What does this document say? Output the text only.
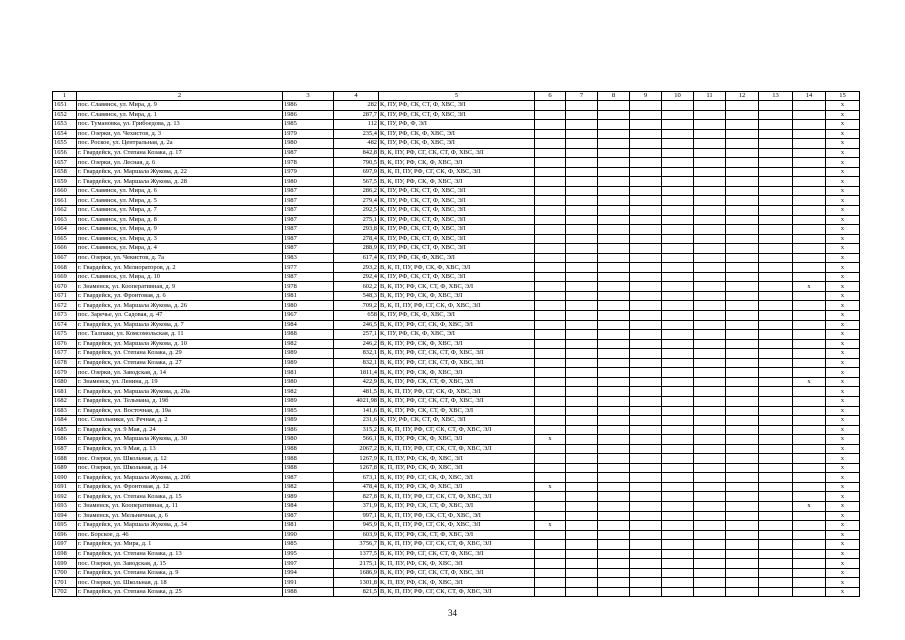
1	2	3	4	5	6	7	8	9	10	11	12	13	14	15
1651	пос. Славянск, ул. Мира, д. 9	1986	282	К, ПУ, РФ, СК, СТ, Ф, ХВС, ЭЛ										х
1652	пос. Славянск, ул. Мира, д. 1	1986	287,7	К, ПУ, РФ, СК, СТ, Ф, ХВС, ЭЛ										х
1653	пос. Тумановка, ул. Грибоедова, д. 13	1985	112	К, ПУ, РФ, Ф, ЭЛ										х
1654	пос. Озерки, ул. Чехистов, д. 3	1979	235,4	К, ПУ, РФ, СК, Ф, ХВС, ЭЛ										х
1655	пос. Роское, ул. Центральная, д. 2а	1980	482	К, ПУ, РФ, СК, Ф, ХВС, ЭЛ										х
1656	г. Гвардейск, ул. Степана Козака, д. 17	1987	842,8	В, К, ПУ, РФ, СГ, СК, СТ, Ф, ХВС, ЭЛ										х
1657	пос. Озерки, ул. Лесная, д. 6	1978	790,5	В, К, ПУ, РФ, СК, Ф, ХВС, ЭЛ										х
1658	г. Гвардейск, ул. Маршала Жукова, д. 22	1979	697,9	В, К, П, ПУ, РФ, СГ, СК, Ф, ХВС, ЭЛ										х
1659	г. Гвардейск, ул. Маршала Жукова, д. 28	1980	567,5	В, К, ПУ, РФ, СК, Ф, ХВС, ЭЛ										х
1660	пос. Славянск, ул. Мира, д. 6	1987	286,2	К, ПУ, РФ, СК, СТ, Ф, ХВС, ЭЛ										х
1661	пос. Славянск, ул. Мира, д. 5	1987	279,4	К, ПУ, РФ, СК, СТ, Ф, ХВС, ЭЛ										х
1662	пос. Славянск, ул. Мира, д. 7	1987	292,5	К, ПУ, РФ, СК, СТ, Ф, ХВС, ЭЛ										х
1663	пос. Славянск, ул. Мира, д. 8	1987	275,1	К, ПУ, РФ, СК, СТ, Ф, ХВС, ЭЛ										х
1664	пос. Славянск, ул. Мира, д. 9	1987	293,8	К, ПУ, РФ, СК, СТ, Ф, ХВС, ЭЛ										х
1665	пос. Славянск, ул. Мира, д. 3	1987	278,4	К, ПУ, РФ, СК, СТ, Ф, ХВС, ЭЛ										х
1666	пос. Славянск, ул. Мира, д. 4	1987	288,9	К, ПУ, РФ, СК, СТ, Ф, ХВС, ЭЛ										х
1667	пос. Озерки, ул. Чекистов, д. 7а	1983	617,4	К, ПУ, РФ, СК, Ф, ХВС, ЭЛ										х
1668	г. Гвардейск, ул. Мелиораторов, д. 2	1977	293,2	В, К, П, ПУ, РФ, СК, Ф, ХВС, ЭЛ										х
1669	пос. Славянск, ул. Мира, д. 10	1987	292,4	К, ПУ, РФ, СК, СТ, Ф, ХВС, ЭЛ										х
1670	г. Знаменск, ул. Кооперативная, д. 9	1978	602,2	В, К, ПУ, РФ, СК, СТ, Ф, ХВС, ЭЛ									х	х
1671	г. Гвардейск, ул. Фронтовая, д. 6	1981	548,3	В, К, ПУ, РФ, СК, Ф, ХВС, ЭЛ										х
1672	г. Гвардейск, ул. Маршала Жукова, д. 26	1980	709,2	В, К, П, ПУ, РФ, СГ, СК, Ф, ХВС, ЭЛ										х
1673	пос. Заречье, ул. Садовая, д. 47	1967	658	К, ПУ, РФ, СК, Ф, ХВС, ЭЛ										х
1674	г. Гвардейск, ул. Маршала Жукова, д. 7	1984	246,5	В, К, ПУ, РФ, СГ, СК, Ф, ХВС, ЭЛ										х
1675	пос. Талпаки, ул. Комсомольская, д. 11	1988	257,1	К, ПУ, РФ, СК, Ф, ХВС, ЭЛ										х
1676	г. Гвардейск, ул. Маршала Жукова, д. 10	1982	246,2	В, К, ПУ, РФ, СК, Ф, ХВС, ЭЛ										х
1677	г. Гвардейск, ул. Степана Козака, д. 29	1989	832,1	В, К, ПУ, РФ, СГ, СК, СТ, Ф, ХВС, ЭЛ										х
1678	г. Гвардейск, ул. Степана Козака, д. 27	1989	832,1	В, К, ПУ, РФ, СГ, СК, СТ, Ф, ХВС, ЭЛ										х
1679	пос. Озерки, ул. Заводская, д. 14	1981	1811,4	В, К, ПУ, РФ, СК, Ф, ХВС, ЭЛ										х
1680	г. Знаменск, ул. Ленина, д. 19	1980	422,9	В, К, ПУ, РФ, СК, СТ, Ф, ХВС, ЭЛ									х	х
1681	г. Гвардейск, ул. Маршала Жукова, д. 20а	1982	481,5	В, К, П, ПУ, РФ, СГ, СК, Ф, ХВС, ЭЛ										х
1682	г. Гвардейск, ул. Тельмана, д. 19б	1989	4021,98	В, К, ПУ, РФ, СГ, СК, СТ, Ф, ХВС, ЭЛ										х
1683	г. Гвардейск, ул. Восточная, д. 19а	1985	141,6	В, К, ПУ, РФ, СК, СТ, Ф, ХВС, ЭЛ										х
1684	пос. Сокольники, ул. Речная, д. 2	1989	231,6	К, ПУ, РФ, СК, СТ, Ф, ХВС, ЭЛ										х
1685	г. Гвардейск, ул. 9 Мая, д. 24	1986	315,2	В, К, П, ПУ, РФ, СГ, СК, СТ, Ф, ХВС, ЭЛ										х
1686	г. Гвардейск, ул. Маршала Жукова, д. 30	1980	566,1	В, К, ПУ, РФ, СК, Ф, ХВС, ЭЛ	х									х
1687	г. Гвардейск, ул. 9 Мая, д. 13	1988	2067,2	В, К, П, ПУ, РФ, СГ, СК, СТ, Ф, ХВС, ЭЛ										х
1688	пос. Озерки, ул. Школьная, д. 12	1988	1267,9	К, П, ПУ, РФ, СК, Ф, ХВС, ЭЛ										х
1689	пос. Озерки, ул. Школьная, д. 14	1988	1267,8	К, П, ПУ, РФ, СК, Ф, ХВС, ЭЛ										х
1690	г. Гвардейск, ул. Маршала Жукова, д. 20б	1987	673,1	В, К, ПУ, РФ, СГ, СК, Ф, ХВС, ЭЛ										х
1691	г. Гвардейск, ул. Фронтовая, д. 12	1982	478,4	В, К, ПУ, РФ, СК, Ф, ХВС, ЭЛ	х									х
1692	г. Гвардейск, ул. Степана Козака, д. 15	1989	827,8	В, К, П, ПУ, РФ, СГ, СК, СТ, Ф, ХВС, ЭЛ										х
1693	г. Знаменск, ул. Кооперативная, д. 11	1984	371,9	В, К, ПУ, РФ, СК, СТ, Ф, ХВС, ЭЛ									х	х
1694	г. Знаменск, ул. Мельничная, д. 6	1987	997,1	В, К, П, ПУ, РФ, СК, СТ, Ф, ХВС, ЭЛ										х
1695	г. Гвардейск, ул. Маршала Жукова, д. 34	1981	945,9	В, К, П, ПУ, РФ, СГ, СК, Ф, ХВС, ЭЛ	х									х
1696	пос. Борское, д. 46	1990	603,9	В, К, ПУ, РФ, СК, СТ, Ф, ХВС, ЭЛ										х
1697	г. Гвардейск, ул. Мира, д. 1	1985	3756,7	В, К, П, ПУ, РФ, СГ, СК, СТ, Ф, ХВС, ЭЛ										х
1698	г. Гвардейск, ул. Степана Козака, д. 13	1995	1377,5	В, К, ПУ, РФ, СГ, СК, СТ, Ф, ХВС, ЭЛ										х
1699	пос. Озерки, ул. Заводская, д. 15	1997	2175,1	К, П, ПУ, РФ, СК, Ф, ХВС, ЭЛ										х
1700	г. Гвардейск, ул. Степана Козака, д. 9	1994	1686,9	В, К, ПУ, РФ, СГ, СК, СТ, Ф, ХВС, ЭЛ										х
1701	пос. Озерки, ул. Школьная, д. 18	1991	1301,8	К, П, ПУ, РФ, СК, Ф, ХВС, ЭЛ										х
1702	г. Гвардейск, ул. Степана Козака, д. 25	1988	821,5	В, К, П, ПУ, РФ, СГ, СК, СТ, Ф, ХВС, ЭЛ										х
34
